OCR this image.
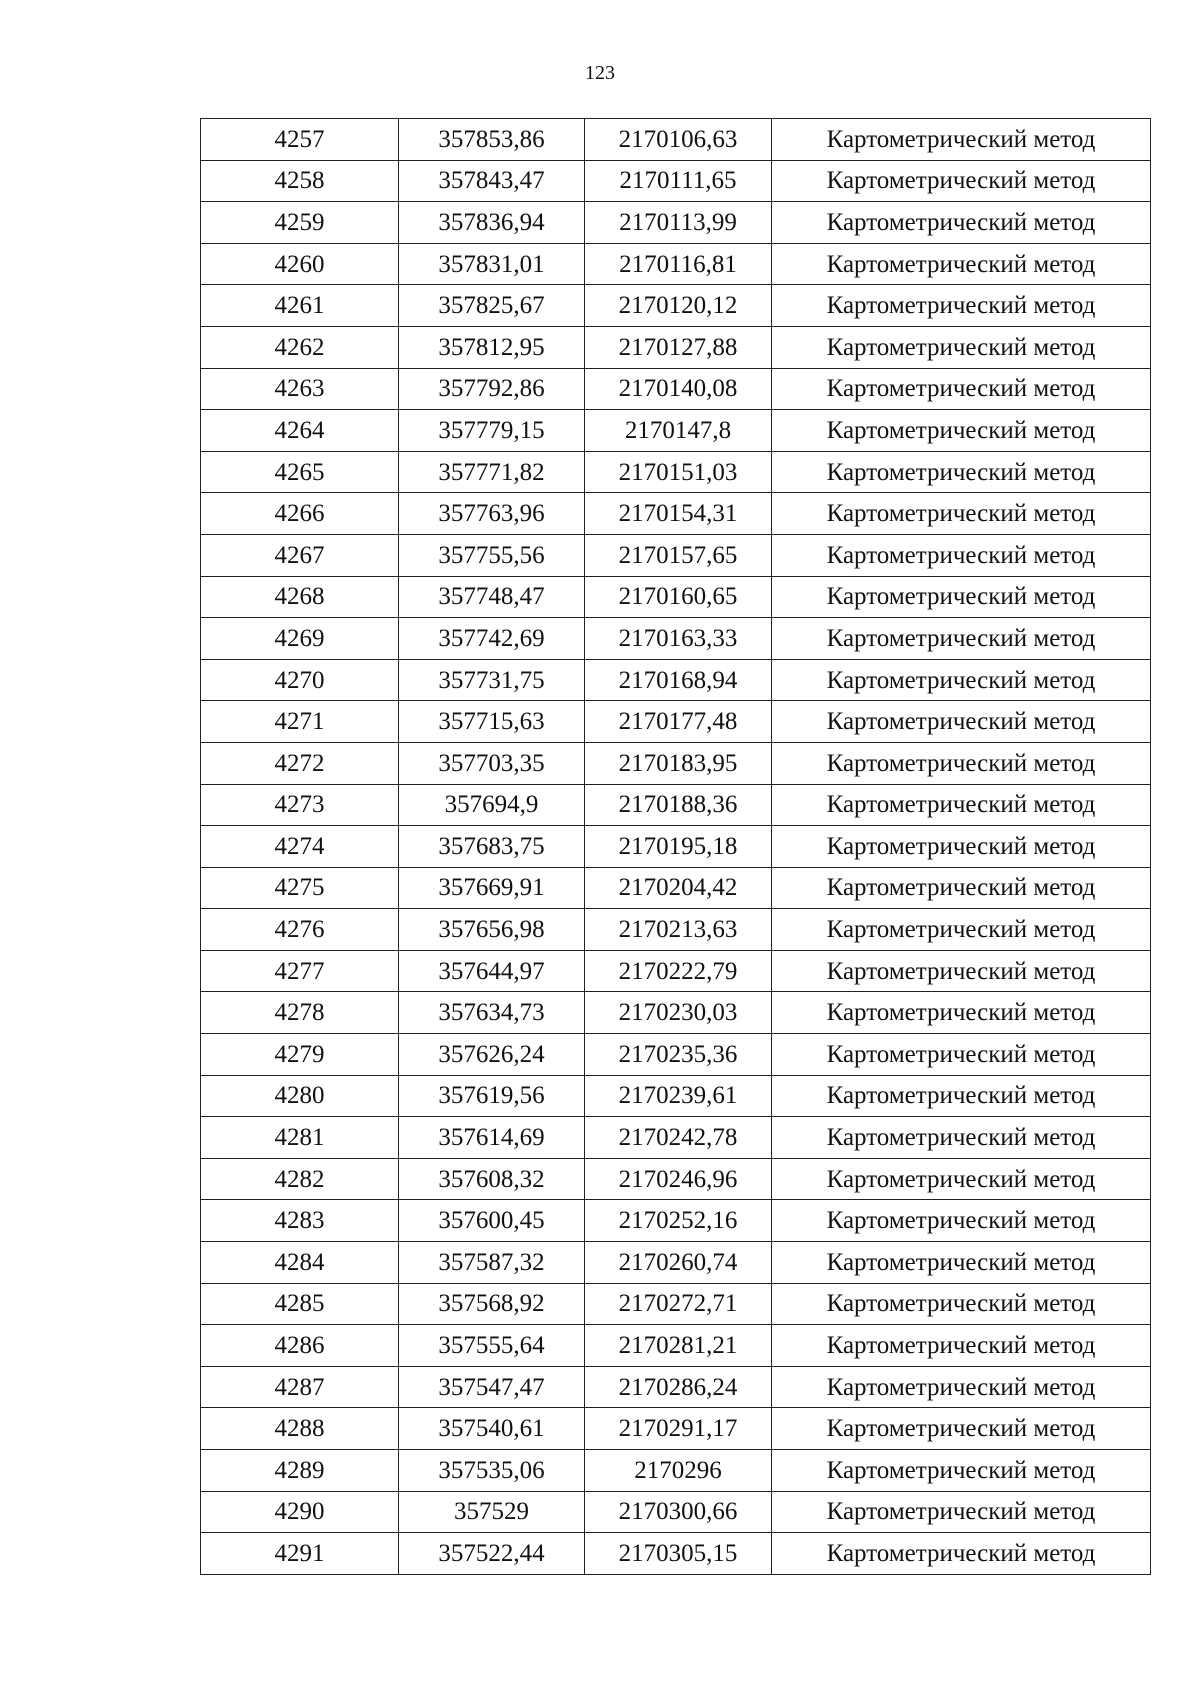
123
4257	357853,86	2170106,63	Картометрический метод
4258	357843,47	2170111,65	Картометрический метод
4259	357836,94	2170113,99	Картометрический метод
4260	357831,01	2170116,81	Картометрический метод
4261	357825,67	2170120,12	Картометрический метод
4262	357812,95	2170127,88	Картометрический метод
4263	357792,86	2170140,08	Картометрический метод
4264	357779,15	2170147,8	Картометрический метод
4265	357771,82	2170151,03	Картометрический метод
4266	357763,96	2170154,31	Картометрический метод
4267	357755,56	2170157,65	Картометрический метод
4268	357748,47	2170160,65	Картометрический метод
4269	357742,69	2170163,33	Картометрический метод
4270	357731,75	2170168,94	Картометрический метод
4271	357715,63	2170177,48	Картометрический метод
4272	357703,35	2170183,95	Картометрический метод
4273	357694,9	2170188,36	Картометрический метод
4274	357683,75	2170195,18	Картометрический метод
4275	357669,91	2170204,42	Картометрический метод
4276	357656,98	2170213,63	Картометрический метод
4277	357644,97	2170222,79	Картометрический метод
4278	357634,73	2170230,03	Картометрический метод
4279	357626,24	2170235,36	Картометрический метод
4280	357619,56	2170239,61	Картометрический метод
4281	357614,69	2170242,78	Картометрический метод
4282	357608,32	2170246,96	Картометрический метод
4283	357600,45	2170252,16	Картометрический метод
4284	357587,32	2170260,74	Картометрический метод
4285	357568,92	2170272,71	Картометрический метод
4286	357555,64	2170281,21	Картометрический метод
4287	357547,47	2170286,24	Картометрический метод
4288	357540,61	2170291,17	Картометрический метод
4289	357535,06	2170296	Картометрический метод
4290	357529	2170300,66	Картометрический метод
4291	357522,44	2170305,15	Картометрический метод
